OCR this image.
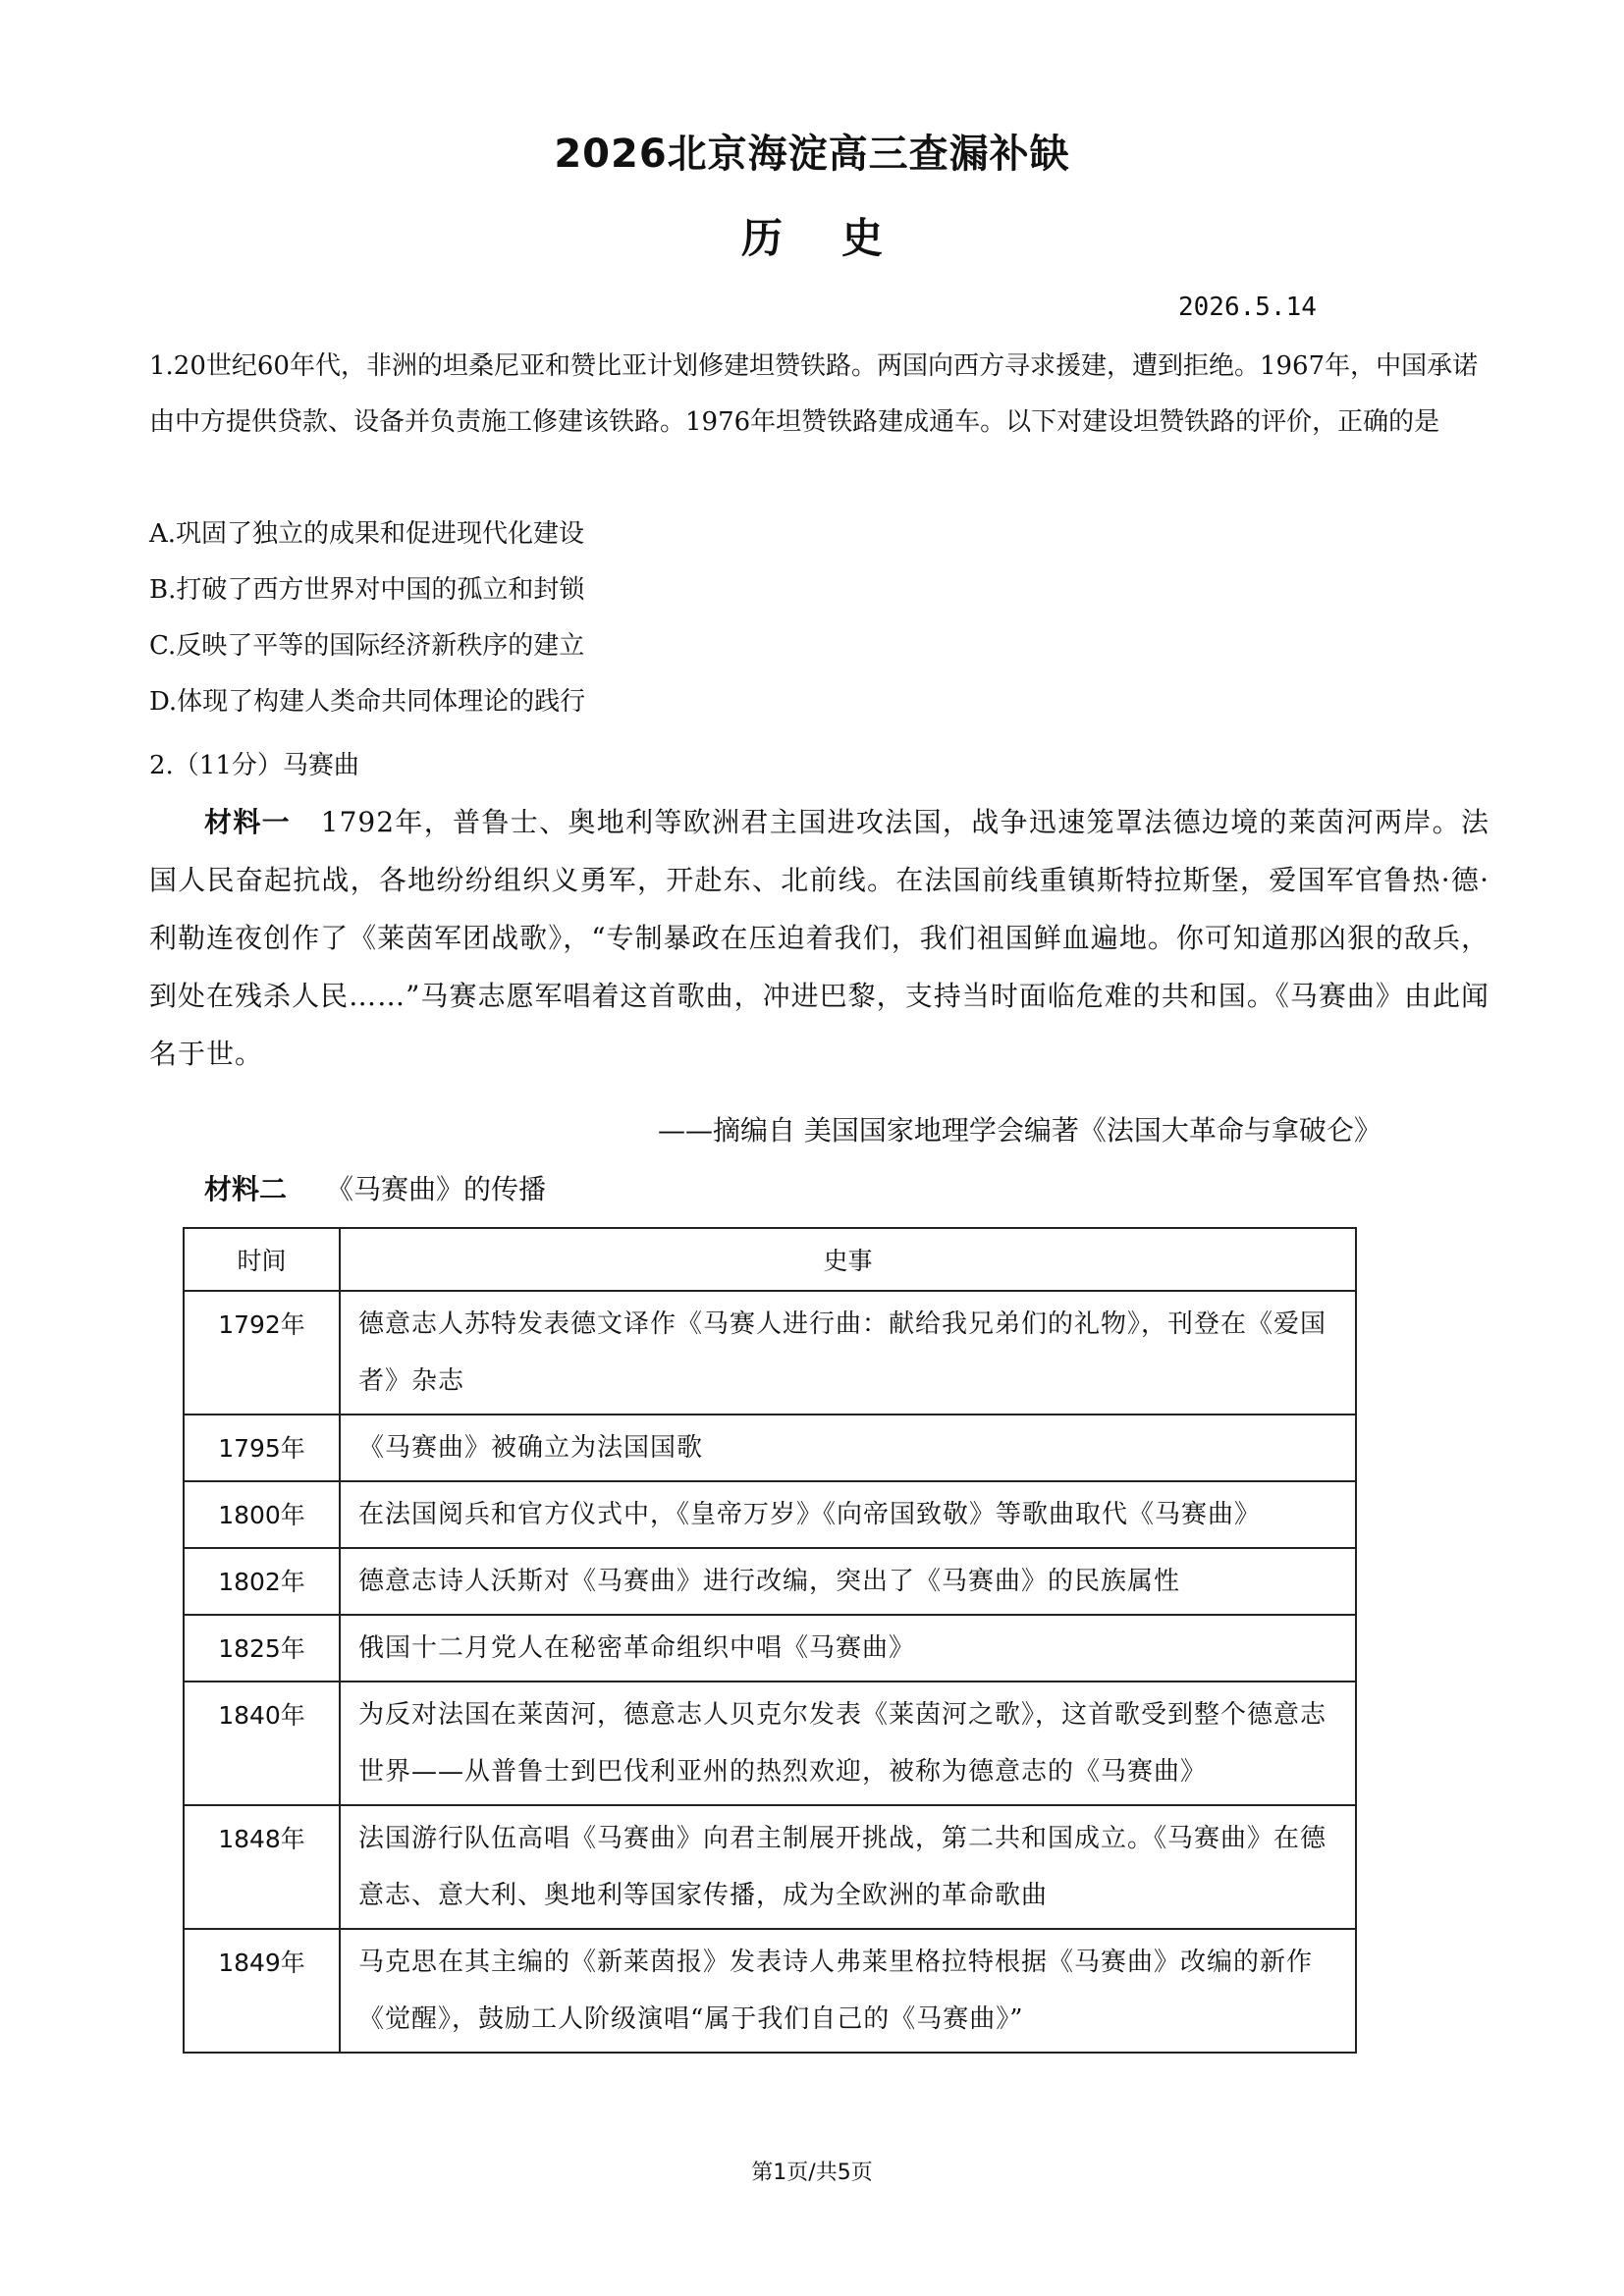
2026北京海淀高三查漏补缺
历史
2026.5.14
1.20世纪60年代，非洲的坦桑尼亚和赞比亚计划修建坦赞铁路。两国向西方寻求援建，遭到拒绝。1967年，中国承诺由中方提供贷款、设备并负责施工修建该铁路。1976年坦赞铁路建成通车。以下对建设坦赞铁路的评价，正确的是
A.巩固了独立的成果和促进现代化建设
B.打破了西方世界对中国的孤立和封锁
C.反映了平等的国际经济新秩序的建立
D.体现了构建人类命共同体理论的践行
2.（11分）马赛曲
材料一 1792年，普鲁士、奥地利等欧洲君主国进攻法国，战争迅速笼罩法德边境的莱茵河两岸。法国人民奋起抗战，各地纷纷组织义勇军，开赴东、北前线。在法国前线重镇斯特拉斯堡，爱国军官鲁热·德·利勒连夜创作了《莱茵军团战歌》，“专制暴政在压迫着我们，我们祖国鲜血遍地。你可知道那凶狠的敌兵，到处在残杀人民……”马赛志愿军唱着这首歌曲，冲进巴黎，支持当时面临危难的共和国。《马赛曲》由此闻名于世。
——摘编自 美国国家地理学会编著《法国大革命与拿破仑》
材料二 《马赛曲》的传播
时间	史事
1792年	德意志人苏特发表德文译作《马赛人进行曲：献给我兄弟们的礼物》，刊登在《爱国者》杂志
1795年	《马赛曲》被确立为法国国歌
1800年	在法国阅兵和官方仪式中，《皇帝万岁》《向帝国致敬》等歌曲取代《马赛曲》
1802年	德意志诗人沃斯对《马赛曲》进行改编，突出了《马赛曲》的民族属性
1825年	俄国十二月党人在秘密革命组织中唱《马赛曲》
1840年	为反对法国在莱茵河，德意志人贝克尔发表《莱茵河之歌》，这首歌受到整个德意志世界——从普鲁士到巴伐利亚州的热烈欢迎，被称为德意志的《马赛曲》
1848年	法国游行队伍高唱《马赛曲》向君主制展开挑战，第二共和国成立。《马赛曲》在德意志、意大利、奥地利等国家传播，成为全欧洲的革命歌曲
1849年	马克思在其主编的《新莱茵报》发表诗人弗莱里格拉特根据《马赛曲》改编的新作《觉醒》，鼓励工人阶级演唱“属于我们自己的《马赛曲》”
第1页/共5页
